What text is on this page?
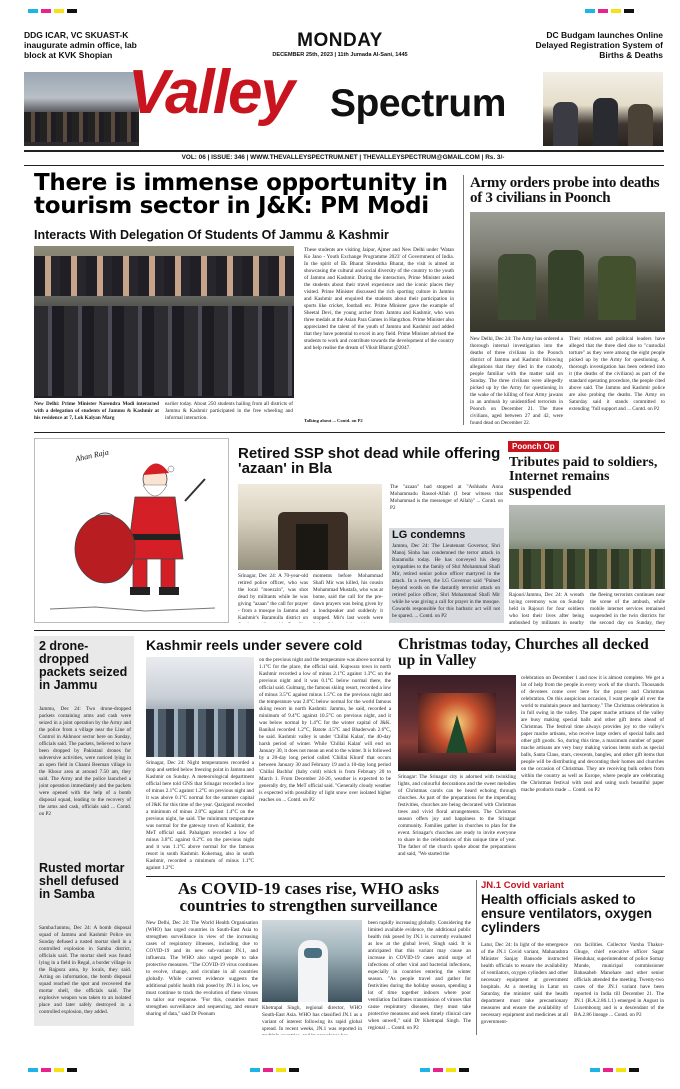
DDG ICAR, VC SKUAST-K inaugurate admin office, lab block at KVK Shopian
MONDAY
DECEMBER 25th, 2023 | 11th Jumada Al-Sani, 1445
Valley Spectrum
DC Budgam launches Online Delayed Registration System of Births & Deaths
VOL: 06 | ISSUE: 346 | WWW.THEVALLEYSPECTRUM.NET | THEVALLEYSPECTRUM@GMAIL.COM | Rs. 3/-
There is immense opportunity in tourism sector in J&K: PM Modi
Interacts With Delegation Of Students Of Jammu & Kashmir
New Delhi: Prime Minister Narendra Modi interacted with a delegation of students of Jammu & Kashmir at his residence at 7, Lok Kalyan Marg
earlier today. About 250 students hailing from all districts of Jammu & Kashmir participated in the free wheeling and informal interaction.
These students are visiting Jaipur, Ajmer and New Delhi under 'Watan Ko Jano - Youth Exchange Programme 2023' of Government of India. In the spirit of Ek Bharat Shreshtha Bharat, the visit is aimed at showcasing the cultural and social diversity of the country to the youth of Jammu and Kashmir. During the interaction, Prime Minister asked the students about their travel experience and the iconic places they visited. Prime Minister discussed the rich sporting culture in Jammu and Kashmir and enquired the students about their participation in sports like cricket, football etc. Prime Minister gave the example of Sheetal Devi, the young archer from Jammu and Kashmir, who won three medals at the Asian Para Games in Hangzhou. Prime Minister also appreciated the talent of the youth of Jammu and Kashmir and added that they have potential to excel in any field. Prime Minister advised the students to work and contribute towards the development of the country and help realise the dream of Viksit Bharat @2047.
Talking about ... Contd. on P2
Army orders probe into deaths of 3 civilians in Poonch
New Delhi, Dec 24: The Army has ordered a thorough internal investigation into the deaths of three civilians in the Poonch district of Jammu and Kashmir following allegations that they died in the custody, people familiar with the matter said on Sunday. The three civilians were allegedly picked up by the Army for questioning in the wake of the killing of four Army jawans in an ambush by unidentified terrorists in Poonch on December 21. The three civilians, aged between 27 and 42, were found dead on December 22.
Their relatives and political leaders have alleged that the three died due to "custodial torture" as they were among the eight people picked up by the Army for questioning. A thorough investigation has been ordered into it (the deaths of the civilians) as part of the standard operating procedure, the people cited above said. The Jammu and Kashmir police are also probing the deaths. The Army on Saturday said it stands committed to extending "full support and ... Contd. on P2
Ahan Raja	Retired SSP shot dead while offering 'azaan' in Bla
Srinagar, Dec 24: A 70-year-old retired police officer, who was the local "moezzin", was shot dead by militants while he was giving "azaan" the call for prayer - from a mosque in Jammu and Kashmir's Baramulla district on
moments before Mohammad Shafi Mir was killed, his cousin Mohammad Mustafa, who was at home, said the call for the pre-dawn prayers was being given by a loudspeaker and suddenly it stopped. Mir's last words were
The "azaan" had stopped at "Ashhadu Anna Mohammadu Rasool-Allah (I bear witness that Mohammad is the messenger of Allah)" ... Contd. on P2
LG condemns
Jammu, Dec 24: The Lieutenant Governor, Shri Manoj Sinha has condemned the terror attack in Baramulla today. He has conveyed his deep sympathies to the family of Shri Mohammad Shafi Mir, retired senior police officer martyred in the attack. In a tweet, the LG Governor said "Pained beyond words on the dastardly terrorist attack on retired police officer, Shri Mohammad Shafi Mir while he was giving a call for prayer in the mosque. Cowards responsible for this barbaric act will not be spared. ... Contd. on P2
Poonch Op
Tributes paid to soldiers, Internet remains suspended
Rajouri/Jammu, Dec 24: A wreath laying ceremony was on Sunday held in Rajouri for four soldiers who lost their lives after being ambushed by militants in nearby
the fleeing terrorists continues near the scene of the ambush, while mobile internet services remained suspended in the twin districts for the second day on Sunday, they
2 drone-dropped packets seized in Jammu
Jammu, Dec 24: Two drone-dropped packets containing arms and cash were seized in a joint operation by the Army and the police from a village near the Line of Control in Akhnoor sector here on Sunday, officials said. The packets, believed to have been dropped by Pakistani drones for subversive activities, were noticed lying in an open field in Channi Beeman village in the Khour area at around 7.50 am, they said. The Army and the police launched a joint operation immediately and the packets were opened with the help of a bomb disposal squad, leading to the recovery of the arms and cash, officials said ... Contd. on P2
Rusted mortar shell defused in Samba
Samba/Jammu, Dec 24: A bomb disposal squad of Jammu and Kashmir Police on Sunday defused a rusted mortar shell in a controlled explosion in Samba district, officials said. The mortar shell was found lying in a field in Regal, a border village in the Rajpura area, by locals, they said. Acting on information, the bomb disposal squad reached the spot and recovered the mortar shell, the officials said. The explosive weapon was taken to an isolated place and later safely destroyed in a controlled explosion, they added.
Kashmir reels under severe cold
Srinagar, Dec 24: Night temperatures recorded a drop and settled below freezing point in Jammu and Kashmir on Sunday. A meteorological department official here told GNS that Srinagar recorded a low of minus 2.1°C against 1.2°C on previous night and it was above 0.1°C normal for the summer capital of J&K for this time of the year. Qazigund recorded a minimum of minus 2.0°C against 1.4°C on the previous night, he said. The minimum temperature was normal for the gateway town of Kashmir, the MeT official said. Pahalgam recorded a low of minus 3.8°C against 0.2°C on the previous night and it was 1.1°C above normal for the famous resort in south Kashmir. Kokernag, also in south Kashmir, recorded a minimum of minus 1.1°C against 1.2°C
on the previous night and the temperature was above normal by 1.1°C for the place, the official said. Kupwara town in north Kashmir recorded a low of minus 2.1°C against 1.3°C on the previous night and it was 0.1°C below normal there, the official said. Gulmarg, the famous skiing resort, recorded a low of minus 3.5°C against minus 1.5°C on the previous night and the temperature was 2.0°C below normal for the world famous skiing resort in north Kashmir. Jammu, he said, recorded a minimum of 9.4°C against 10.5°C on previous night, and it was below normal by 1.4°C for the winter capital of J&K. Banihal recorded 1.2°C, Batote 4.5°C and Bhaderwah 2.6°C, he said. Kashmir valley is under 'Chillai Kalan', the 40-day harsh period of winter. While 'Chillai Kalan' will end on January 30, it does not mean an end to the winter. It is followed by a 20-day long period called 'Chillai Khurd' that occurs between January 30 and February 19 and a 10-day long period 'Chillai Bachha' (baby cold) which is from February 20 to March 1. From December 24-26, weather is expected to be generally dry, the MeT official said. "Generally cloudy weather is expected with possibility of light snow over isolated higher reaches on ... Contd. on P2
Christmas today, Churches all decked up in Valley
Srinagar: The Srinagar city is adorned with twinkling lights, and colourful decorations and the sweet melodies of Christmas carols can be heard echoing through churches. As part of the preparations for the impending festivities, churches are being decorated with Christmas trees and vivid floral arrangements. The Christmas season offers joy and happiness to the Srinagar community. Families gather in churches to plan for the event. Srinagar's churches are ready to invite everyone to share in the celebrations of this unique time of year. The father of the church spoke about the preparations and said, "We started the
celebration on December 1 and now it is almost complete. We get a lot of help from the people in every work of the church. Thousands of devotees come over here for the prayer and Christmas celebration. On this auspicious occasion, I want people all over the world to maintain peace and harmony." The Christmas celebration is in full swing in the valley. The paper mache artisans of the valley are busy making special balls and other gift items ahead of Christmas. The festival time always provides joy to the valley's paper mache artisans, who receive large orders of special balls and other gift goods. So, during this time, a maximum number of paper mache artisans are very busy making various items such as special balls, Santa Claus, stars, crescents, bangles, and other gift items that people will be distributing and decorating their homes and churches on the occasion of Christmas. They are receiving bulk orders from within the country as well as Europe, where people are celebrating the Christmas festival with zeal and using such beautiful paper mache products made ... Contd. on P2
As COVID-19 cases rise, WHO asks countries to strengthen surveillance
New Delhi, Dec 24: The World Health Organisation (WHO) has urged countries in South-East Asia to strengthen surveillance in view of the increasing cases of respiratory illnesses, including due to COVID-19 and its new sub-variant JN.1, and influenza. The WHO also urged people to take protective measures. "The COVID-19 virus continues to evolve, change, and circulate in all countries globally. While current evidence suggests the additional public health risk posed by JN.1 is low, we must continue to track the evolution of these viruses to tailor our response. "For this, countries must strengthen surveillance and sequencing, and ensure sharing of data," said Dr Poonam
Khetrapal Singh, regional director, WHO South-East Asia. WHO has classified JN.1 as a variant of interest following its rapid global spread. In recent weeks, JN.1 was reported in
been rapidly increasing globally. Considering the limited available evidence, the additional public health risk posed by JN.1 is currently evaluated as low at the global level, Singh said. It is anticipated that this variant may cause an increase in COVID-19 cases amid surge of infections of other viral and bacterial infections, especially in countries entering the winter season. "As people travel and gather for festivities during the holiday season, spending a lot of time together indoors where poor ventilation facilitates transmission of viruses that cause respiratory diseases, they must take protective measures and seek timely clinical care when unwell," said Dr Khetrapal Singh. The regional ... Contd. on P2
JN.1 Covid variant
Health officials asked to ensure ventilators, oxygen cylinders
Latur, Dec 24: In light of the emergence of the JN.1 Covid variant, Maharashtra Minister Sanjay Bansode instructed health officials to ensure the availability of ventilators, oxygen cylinders and other necessary equipment at government hospitals. At a meeting in Latur on Saturday, the minister said the health department must take precautionary measures and ensure the availability of necessary equipment and medicines at all government-
run facilities. Collector Varsha Thakur-Ghuge, chief executive officer Sagar Hendukar, superintendent of police Somay Munde, municipal commissioner Babasaheb Manohare and other senior officials attended the meeting. Twenty-two cases of the JN.1 variant have been reported in India till December 21. The JN.1 (B.A.2.86.1.1) emerged in August in Luxembourg and is a descendant of the BA.2.86 lineage ... Contd. on P2
